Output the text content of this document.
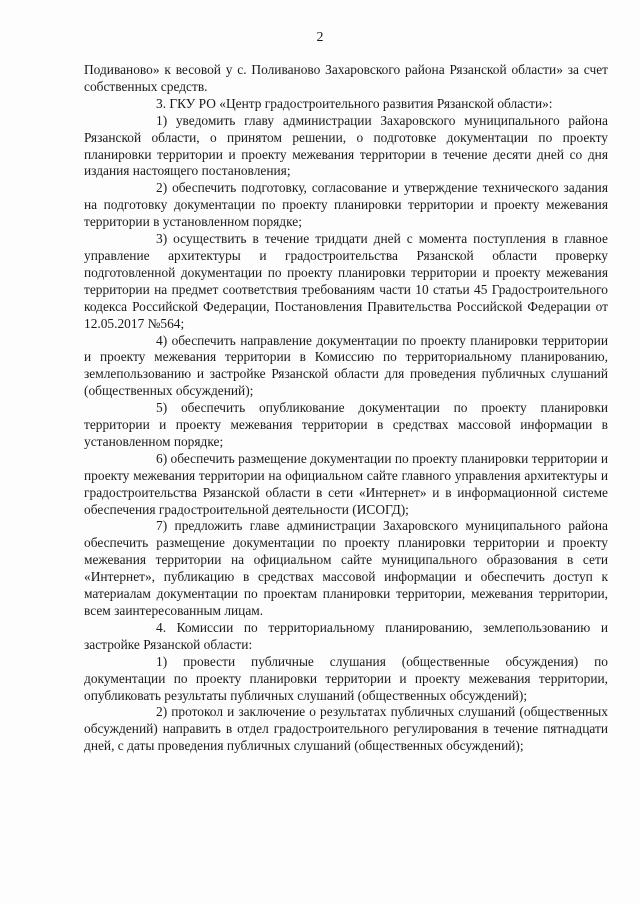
2

Подиваново» к весовой у с. Поливаново Захаровского района Рязанской области» за счет собственных средств.

3. ГКУ РО «Центр градостроительного развития Рязанской области»:

1) уведомить главу администрации Захаровского муниципального района Рязанской области, о принятом решении, о подготовке документации по проекту планировки территории и проекту межевания территории в течение десяти дней со дня издания настоящего постановления;

2) обеспечить подготовку, согласование и утверждение технического задания на подготовку документации по проекту планировки территории и проекту межевания территории в установленном порядке;

3) осуществить в течение тридцати дней с момента поступления в главное управление архитектуры и градостроительства Рязанской области проверку подготовленной документации по проекту планировки территории и проекту межевания территории на предмет соответствия требованиям части 10 статьи 45 Градостроительного кодекса Российской Федерации, Постановления Правительства Российской Федерации от 12.05.2017 №564;

4) обеспечить направление документации по проекту планировки территории и проекту межевания территории в Комиссию по территориальному планированию, землепользованию и застройке Рязанской области для проведения публичных слушаний (общественных обсуждений);

5) обеспечить опубликование документации по проекту планировки территории и проекту межевания территории в средствах массовой информации в установленном порядке;

6) обеспечить размещение документации по проекту планировки территории и проекту межевания территории на официальном сайте главного управления архитектуры и градостроительства Рязанской области в сети «Интернет» и в информационной системе обеспечения градостроительной деятельности (ИСОГД);

7) предложить главе администрации Захаровского муниципального района обеспечить размещение документации по проекту планировки территории и проекту межевания территории на официальном сайте муниципального образования в сети «Интернет», публикацию в средствах массовой информации и обеспечить доступ к материалам документации по проектам планировки территории, межевания территории, всем заинтересованным лицам.

4. Комиссии по территориальному планированию, землепользованию и застройке Рязанской области:

1) провести публичные слушания (общественные обсуждения) по документации по проекту планировки территории и проекту межевания территории, опубликовать результаты публичных слушаний (общественных обсуждений);

2) протокол и заключение о результатах публичных слушаний (общественных обсуждений) направить в отдел градостроительного регулирования в течение пятнадцати дней, с даты проведения публичных слушаний (общественных обсуждений);
